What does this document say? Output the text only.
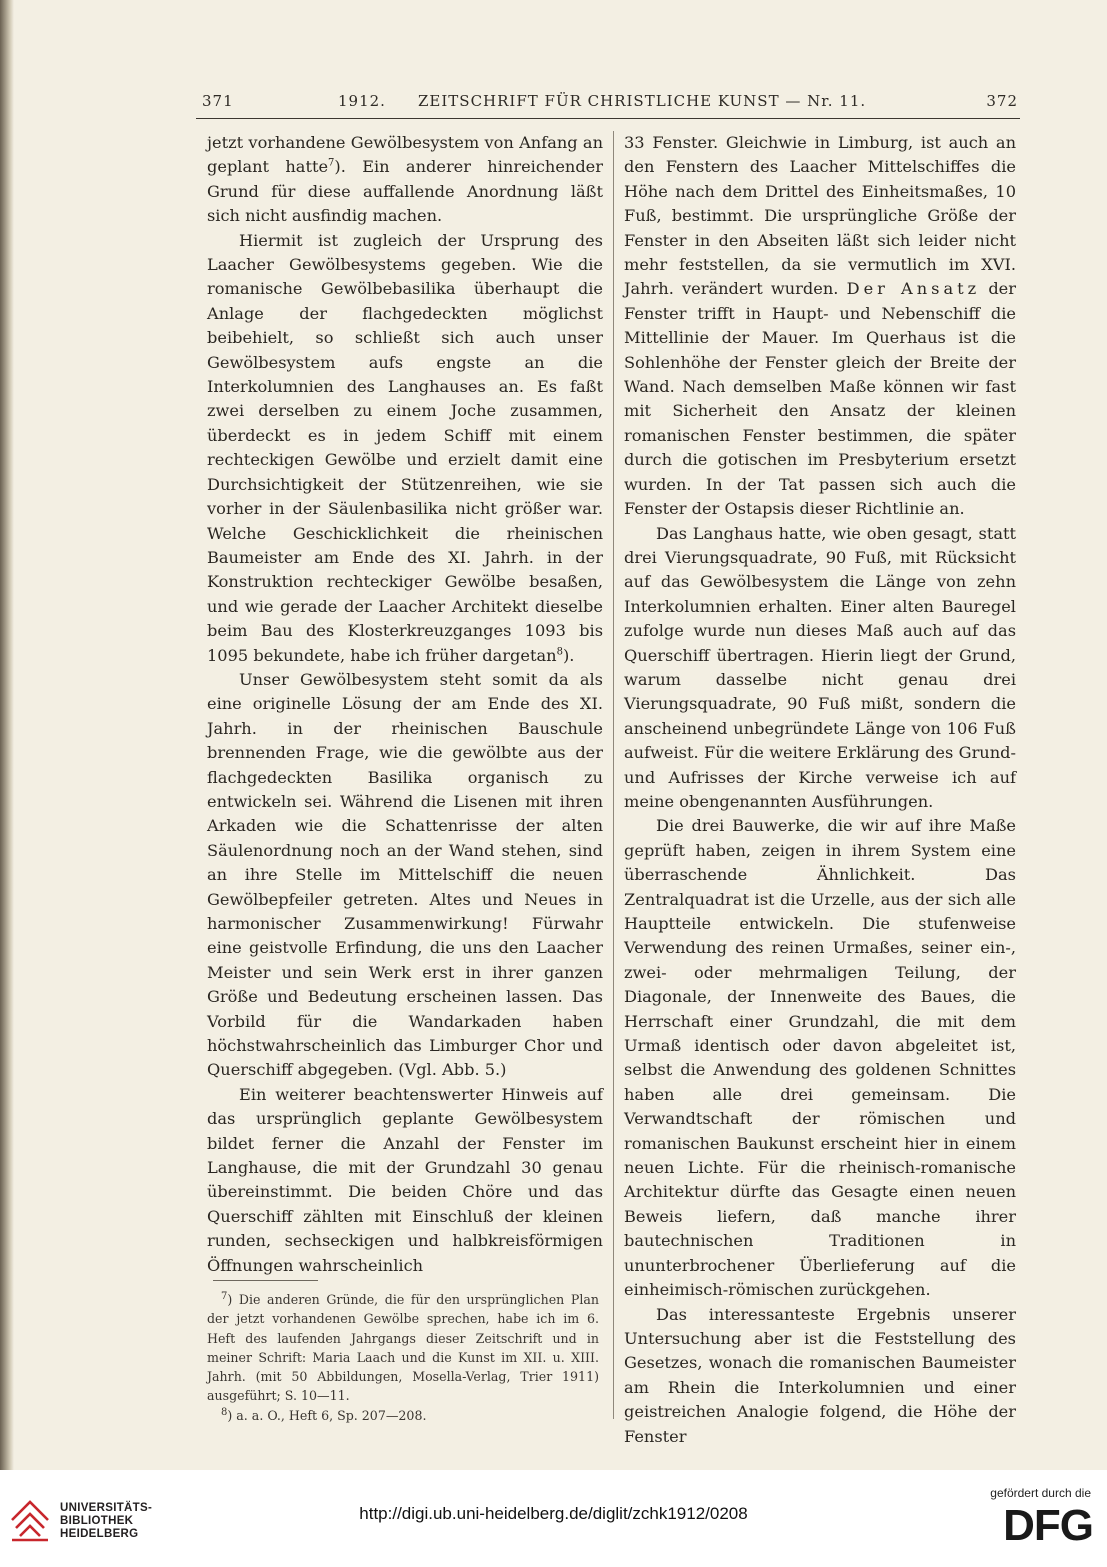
371	1912. ZEITSCHRIFT FÜR CHRISTLICHE KUNST — Nr. 11.	372

jetzt vorhandene Gewölbesystem von Anfang an geplant hatte$^7$). Ein anderer hinreichender Grund für diese auffallende Anordnung läßt sich nicht ausfindig machen.

Hiermit ist zugleich der Ursprung des Laacher Gewölbesystems gegeben. Wie die romanische Gewölbebasilika überhaupt die Anlage der flachgedeckten möglichst beibehielt, so schließt sich auch unser Gewölbesystem aufs engste an die Interkolumnien des Langhauses an. Es faßt zwei derselben zu einem Joche zusammen, überdeckt es in jedem Schiff mit einem rechteckigen Gewölbe und erzielt damit eine Durchsichtigkeit der Stützenreihen, wie sie vorher in der Säulenbasilika nicht größer war. Welche Geschicklichkeit die rheinischen Baumeister am Ende des XI. Jahrh. in der Konstruktion rechteckiger Gewölbe besaßen, und wie gerade der Laacher Architekt dieselbe beim Bau des Klosterkreuzganges 1093 bis 1095 bekundete, habe ich früher dargetan$^8$).

Unser Gewölbesystem steht somit da als eine originelle Lösung der am Ende des XI. Jahrh. in der rheinischen Bauschule brennenden Frage, wie die gewölbte aus der flachgedeckten Basilika organisch zu entwickeln sei. Während die Lisenen mit ihren Arkaden wie die Schattenrisse der alten Säulenordnung noch an der Wand stehen, sind an ihre Stelle im Mittelschiff die neuen Gewölbepfeiler getreten. Altes und Neues in harmonischer Zusammenwirkung! Fürwahr eine geistvolle Erfindung, die uns den Laacher Meister und sein Werk erst in ihrer ganzen Größe und Bedeutung erscheinen lassen. Das Vorbild für die Wandarkaden haben höchstwahrscheinlich das Limburger Chor und Querschiff abgegeben. (Vgl. Abb. 5.)

Ein weiterer beachtenswerter Hinweis auf das ursprünglich geplante Gewölbesystem bildet ferner die Anzahl der Fenster im Langhause, die mit der Grundzahl 30 genau übereinstimmt. Die beiden Chöre und das Querschiff zählten mit Einschluß der kleinen runden, sechseckigen und halbkreisförmigen Öffnungen wahrscheinlich

33 Fenster. Gleichwie in Limburg, ist auch an den Fenstern des Laacher Mittelschiffes die Höhe nach dem Drittel des Einheitsmaßes, 10 Fuß, bestimmt. Die ursprüngliche Größe der Fenster in den Abseiten läßt sich leider nicht mehr feststellen, da sie vermutlich im XVI. Jahrh. verändert wurden. Der Ansatz der Fenster trifft in Haupt- und Nebenschiff die Mittellinie der Mauer. Im Querhaus ist die Sohlenhöhe der Fenster gleich der Breite der Wand. Nach demselben Maße können wir fast mit Sicherheit den Ansatz der kleinen romanischen Fenster bestimmen, die später durch die gotischen im Presbyterium ersetzt wurden. In der Tat passen sich auch die Fenster der Ostapsis dieser Richtlinie an.

Das Langhaus hatte, wie oben gesagt, statt drei Vierungsquadrate, 90 Fuß, mit Rücksicht auf das Gewölbesystem die Länge von zehn Interkolumnien erhalten. Einer alten Bauregel zufolge wurde nun dieses Maß auch auf das Querschiff übertragen. Hierin liegt der Grund, warum dasselbe nicht genau drei Vierungsquadrate, 90 Fuß mißt, sondern die anscheinend unbegründete Länge von 106 Fuß aufweist. Für die weitere Erklärung des Grund- und Aufrisses der Kirche verweise ich auf meine obengenannten Ausführungen.

Die drei Bauwerke, die wir auf ihre Maße geprüft haben, zeigen in ihrem System eine überraschende Ähnlichkeit. Das Zentralquadrat ist die Urzelle, aus der sich alle Hauptteile entwickeln. Die stufenweise Verwendung des reinen Urmaßes, seiner ein-, zwei- oder mehrmaligen Teilung, der Diagonale, der Innenweite des Baues, die Herrschaft einer Grundzahl, die mit dem Urmaß identisch oder davon abgeleitet ist, selbst die Anwendung des goldenen Schnittes haben alle drei gemeinsam. Die Verwandtschaft der römischen und romanischen Baukunst erscheint hier in einem neuen Lichte. Für die rheinisch-romanische Architektur dürfte das Gesagte einen neuen Beweis liefern, daß manche ihrer bautechnischen Traditionen in ununterbrochener Überlieferung auf die einheimisch-römischen zurückgehen.

Das interessanteste Ergebnis unserer Untersuchung aber ist die Feststellung des Gesetzes, wonach die romanischen Baumeister am Rhein die Interkolumnien und einer geistreichen Analogie folgend, die Höhe der Fenster

$^7$) Die anderen Gründe, die für den ursprünglichen Plan der jetzt vorhandenen Gewölbe sprechen, habe ich im 6. Heft des laufenden Jahrgangs dieser Zeitschrift und in meiner Schrift: Maria Laach und die Kunst im XII. u. XIII. Jahrh. (mit 50 Abbildungen, Mosella-Verlag, Trier 1911) ausgeführt; S. 10—11.

$^8$) a. a. O., Heft 6, Sp. 207—208.

UNIVERSITÄTS-
BIBLIOTHEK
HEIDELBERG
http://digi.ub.uni-heidelberg.de/diglit/zchk1912/0208
gefördert durch die
DFG
